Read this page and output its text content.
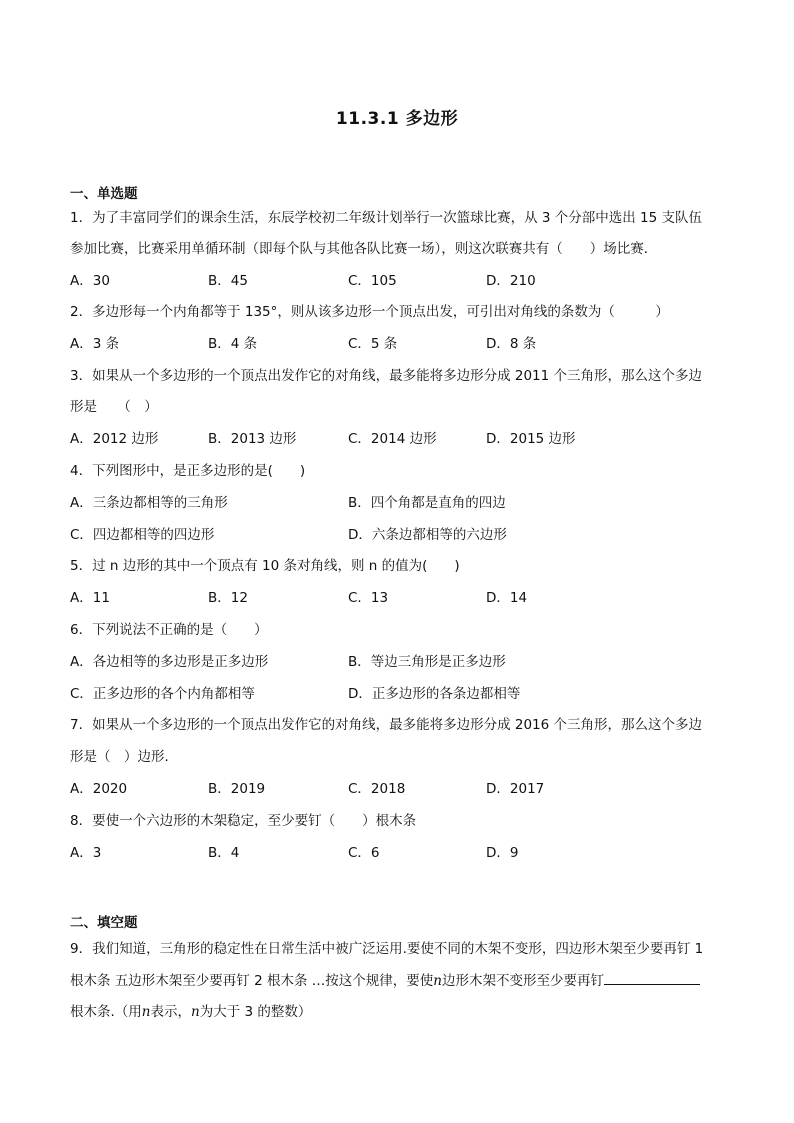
11.3.1 多边形
一、单选题
1．为了丰富同学们的课余生活，东辰学校初二年级计划举行一次篮球比赛，从 3 个分部中选出 15 支队伍
参加比赛，比赛采用单循环制（即每个队与其他各队比赛一场），则这次联赛共有（　　）场比赛．
A．30	B．45	C．105	D．210
2．多边形每一个内角都等于 135°，则从该多边形一个顶点出发，可引出对角线的条数为（　　　）
A．3 条	B．4 条	C．5 条	D．8 条
3．如果从一个多边形的一个顶点出发作它的对角线，最多能将多边形分成 2011 个三角形，那么这个多边
形是　　（　）
A．2012 边形	B．2013 边形	C．2014 边形	D．2015 边形
4．下列图形中，是正多边形的是(　　)
A．三条边都相等的三角形	B．四个角都是直角的四边
C．四边都相等的四边形	D．六条边都相等的六边形
5．过 n 边形的其中一个顶点有 10 条对角线，则 n 的值为(　　)
A．11	B．12	C．13	D．14
6．下列说法不正确的是（　　）
A．各边相等的多边形是正多边形	B．等边三角形是正多边形
C．正多边形的各个内角都相等	D．正多边形的各条边都相等
7．如果从一个多边形的一个顶点出发作它的对角线，最多能将多边形分成 2016 个三角形，那么这个多边
形是（　）边形．
A．2020	B．2019	C．2018	D．2017
8．要使一个六边形的木架稳定，至少要钉（　　）根木条
A．3	B．4	C．6	D．9
二、填空题
9．我们知道，三角形的稳定性在日常生活中被广泛运用.要使不同的木架不变形，四边形木架至少要再钉 1
根木条 五边形木架至少要再钉 2 根木条 …按这个规律，要使n边形木架不变形至少要再钉
根木条.（用n表示，n为大于 3 的整数）
